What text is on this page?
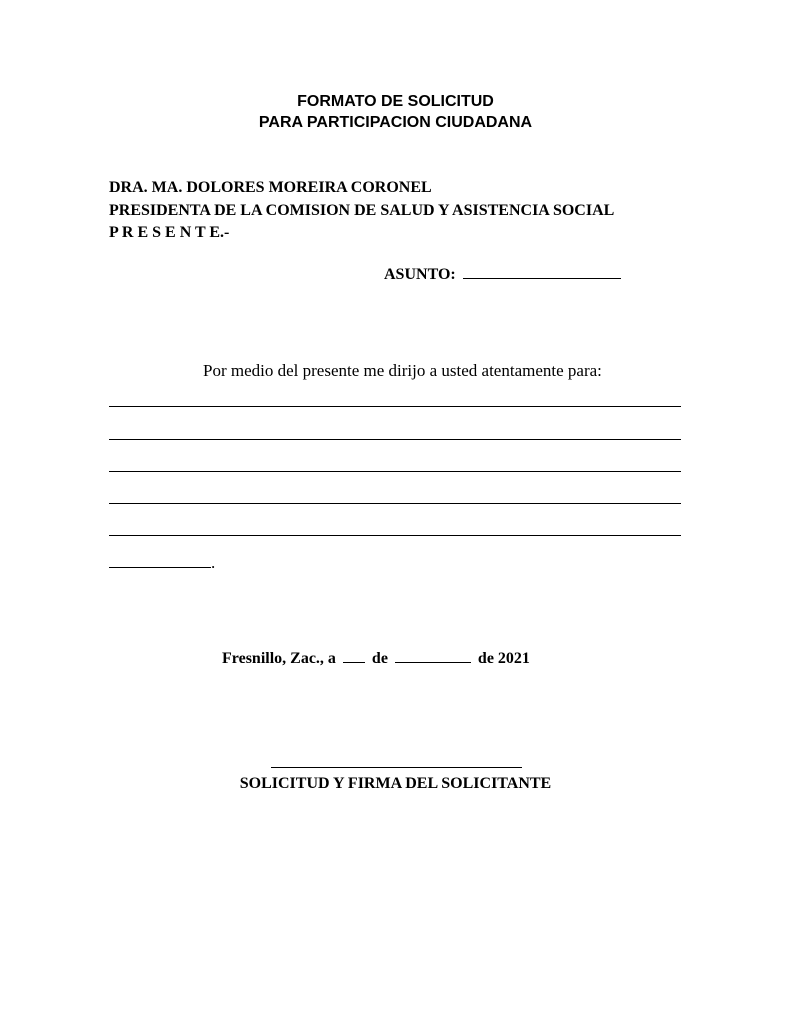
FORMATO DE SOLICITUD
PARA PARTICIPACION CIUDADANA
DRA. MA. DOLORES MOREIRA CORONEL
PRESIDENTA DE LA COMISION DE SALUD Y ASISTENCIA SOCIAL
P R E S E N T E.-
ASUNTO:
Por medio del presente me dirijo a usted atentamente para:
.
Fresnillo, Zac., a de	de 2021
SOLICITUD Y FIRMA DEL SOLICITANTE
